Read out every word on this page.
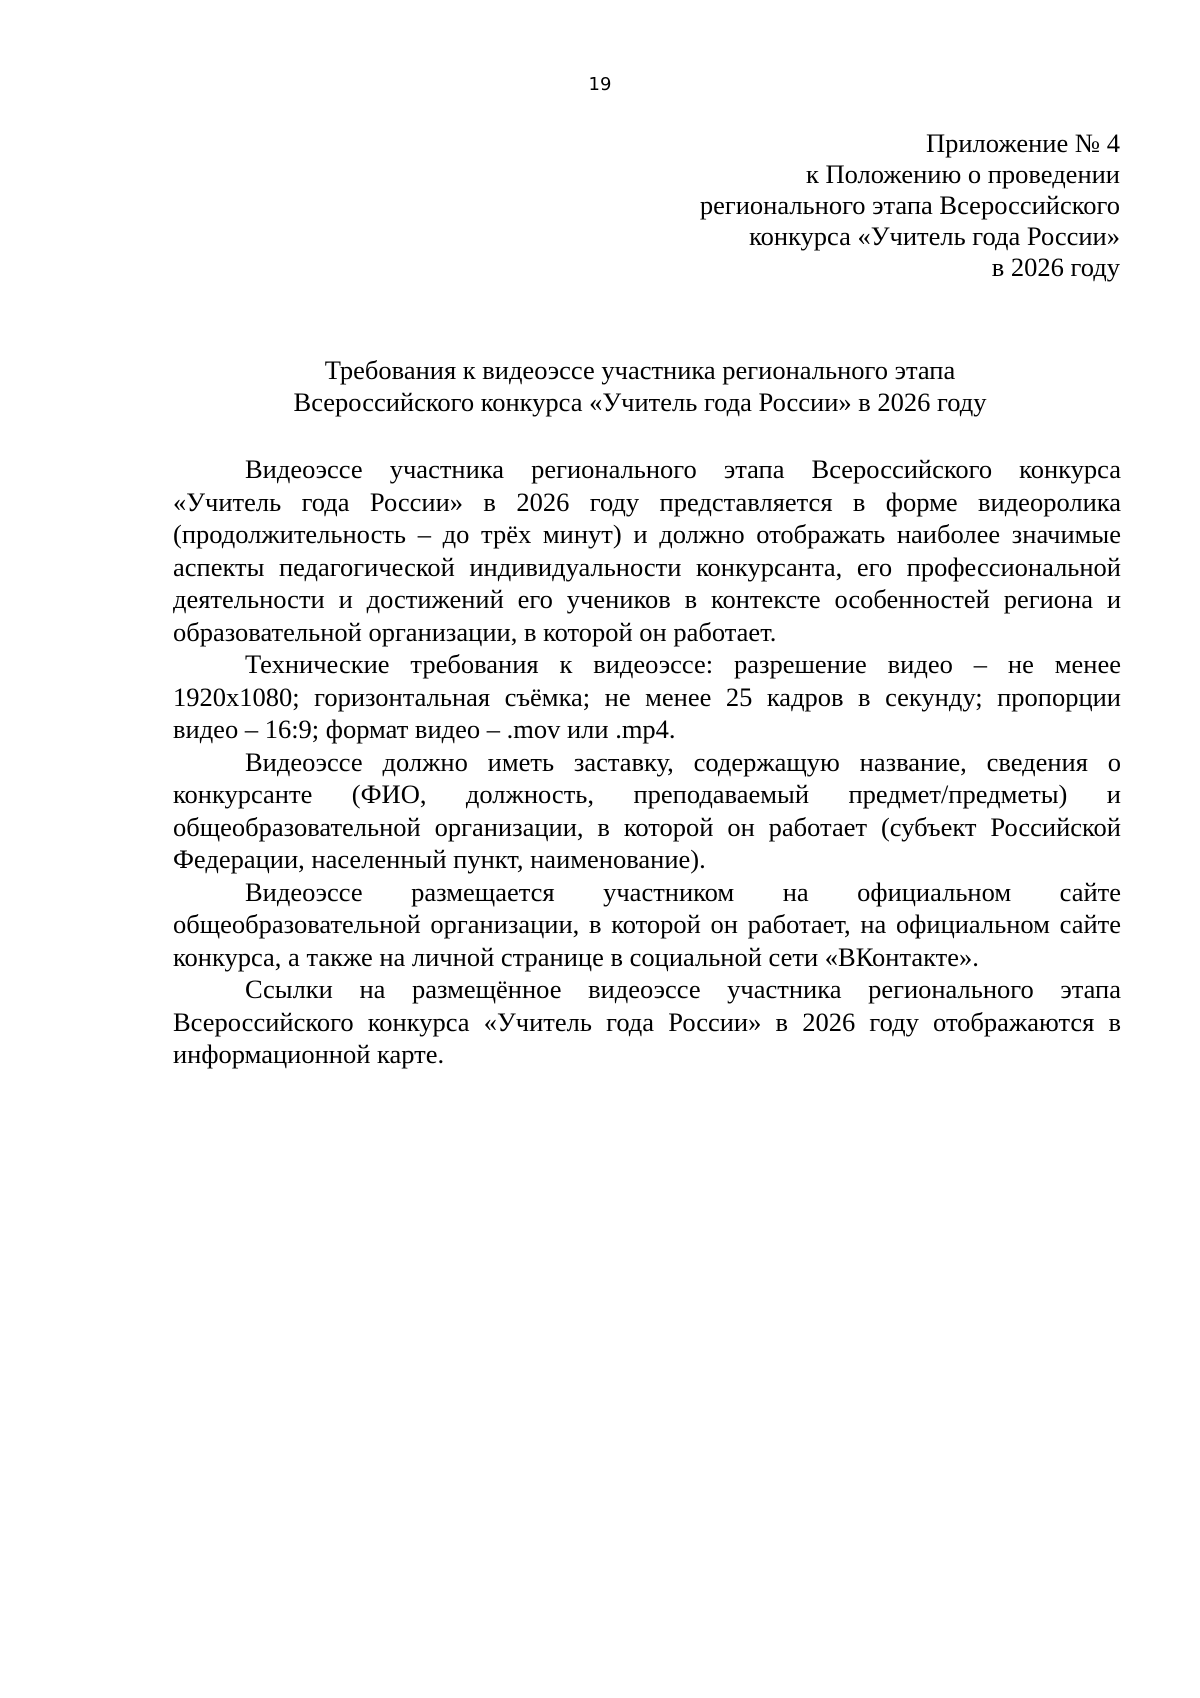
19
Приложение № 4
к Положению о проведении
регионального этапа Всероссийского
конкурса «Учитель года России»
в 2026 году
Требования к видеоэссе участника регионального этапа
Всероссийского конкурса «Учитель года России» в 2026 году

Видеоэссе участника регионального этапа Всероссийского конкурса «Учитель года России» в 2026 году представляется в форме видеоролика (продолжительность – до трёх минут) и должно отображать наиболее значимые аспекты педагогической индивидуальности конкурсанта, его профессиональной деятельности и достижений его учеников в контексте особенностей региона и образовательной организации, в которой он работает.

Технические требования к видеоэссе: разрешение видео – не менее 1920х1080; горизонтальная съёмка; не менее 25 кадров в секунду; пропорции видео – 16:9; формат видео – .mov или .mp4.

Видеоэссе должно иметь заставку, содержащую название, сведения о конкурсанте (ФИО, должность, преподаваемый предмет/предметы) и общеобразовательной организации, в которой он работает (субъект Российской Федерации, населенный пункт, наименование).

Видеоэссе размещается участником на официальном сайте общеобразовательной организации, в которой он работает, на официальном сайте конкурса, а также на личной странице в социальной сети «ВКонтакте».

Ссылки на размещённое видеоэссе участника регионального этапа Всероссийского конкурса «Учитель года России» в 2026 году отображаются в информационной карте.
